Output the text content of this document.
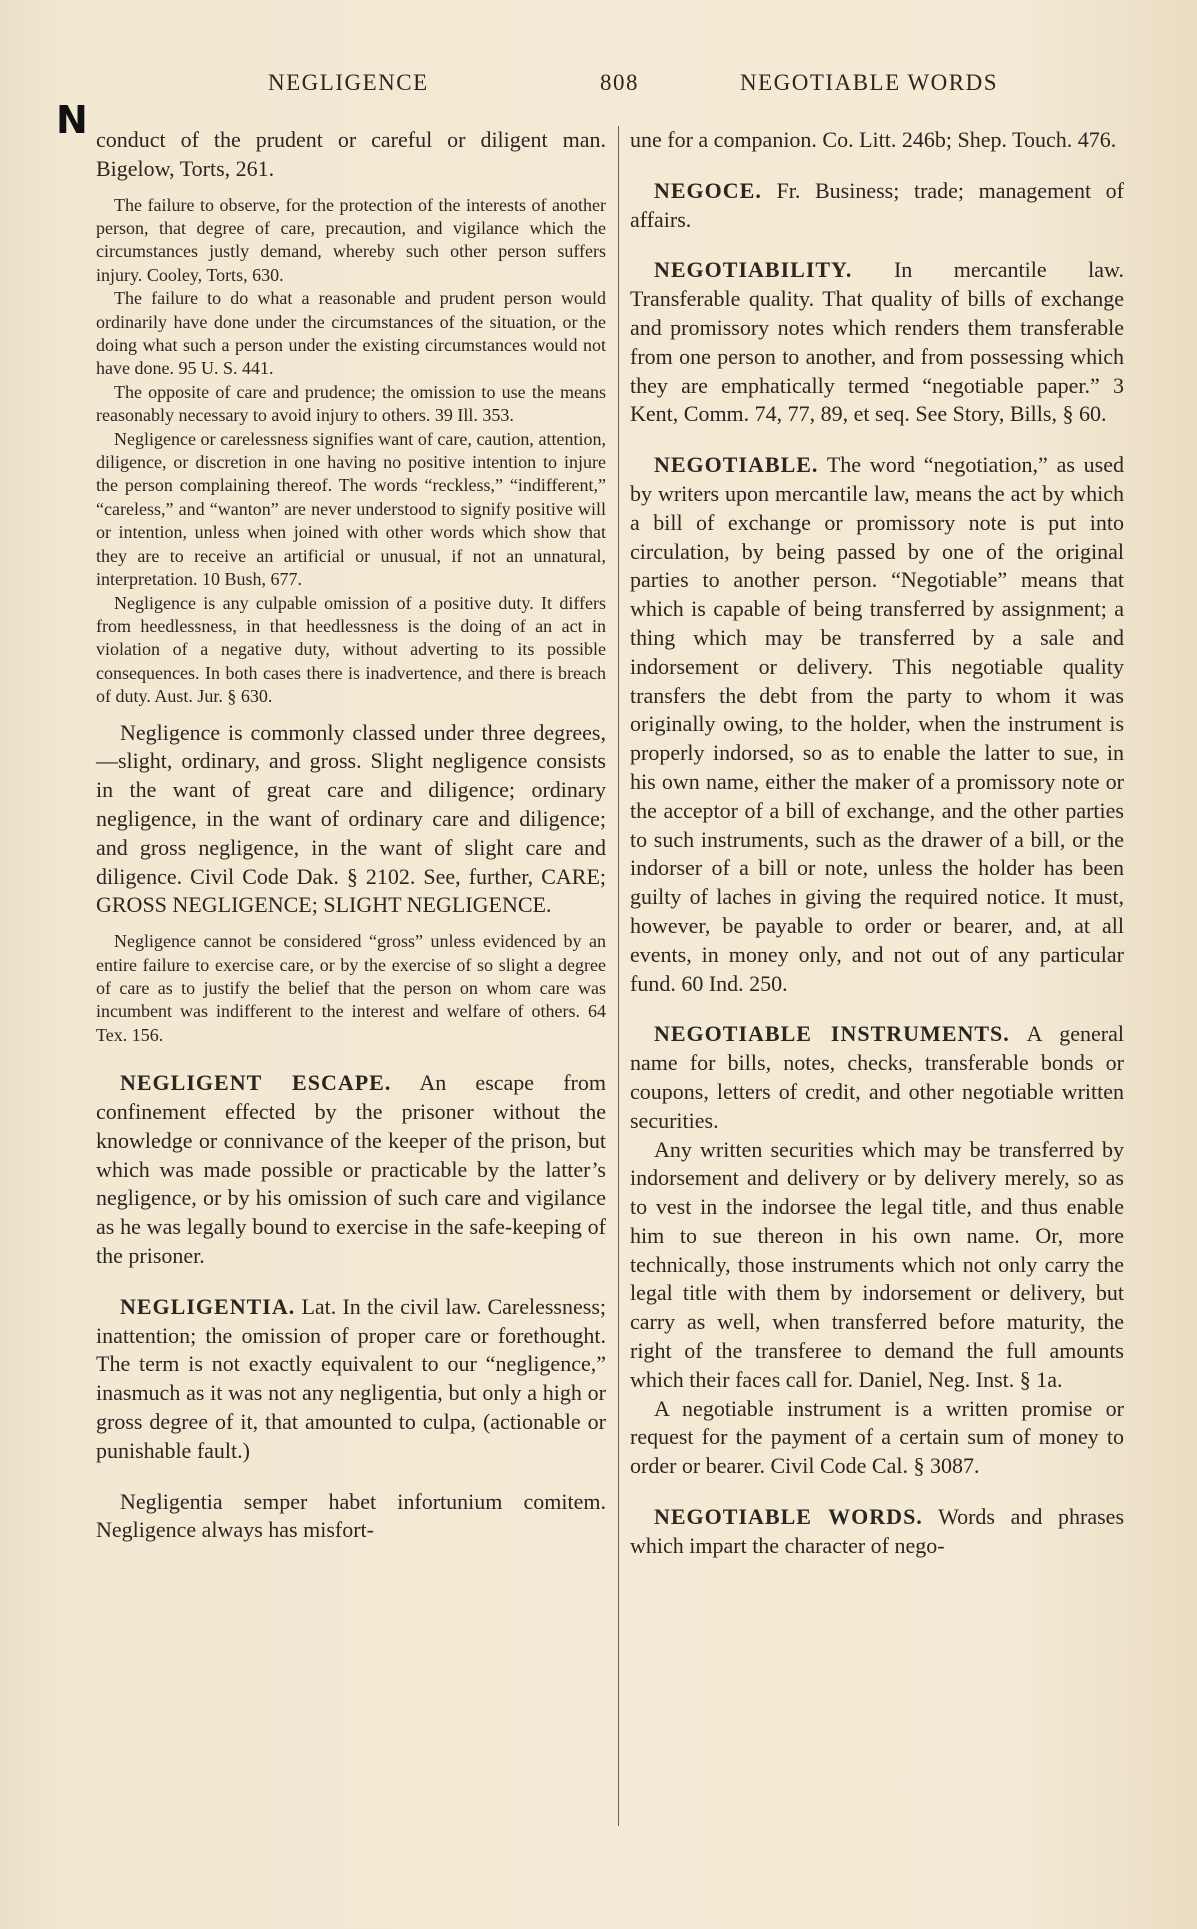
NEGLIGENCE	808	NEGOTIABLE WORDS
N conduct of the prudent or careful or diligent man. Bigelow, Torts, 261.

The failure to observe, for the protection of the interests of another person, that degree of care, precaution, and vigilance which the circumstances justly demand, whereby such other person suffers injury. Cooley, Torts, 630.

The failure to do what a reasonable and prudent person would ordinarily have done under the circumstances of the situation, or the doing what such a person under the existing circumstances would not have done. 95 U. S. 441.

The opposite of care and prudence; the omission to use the means reasonably necessary to avoid injury to others. 39 Ill. 353.

Negligence or carelessness signifies want of care, caution, attention, diligence, or discretion in one having no positive intention to injure the person complaining thereof. The words “reckless,” “indifferent,” “careless,” and “wanton” are never understood to signify positive will or intention, unless when joined with other words which show that they are to receive an artificial or unusual, if not an unnatural, interpretation. 10 Bush, 677.

Negligence is any culpable omission of a positive duty. It differs from heedlessness, in that heedlessness is the doing of an act in violation of a negative duty, without adverting to its possible consequences. In both cases there is inadvertence, and there is breach of duty. Aust. Jur. § 630.

Negligence is commonly classed under three degrees,—slight, ordinary, and gross. Slight negligence consists in the want of great care and diligence; ordinary negligence, in the want of ordinary care and diligence; and gross negligence, in the want of slight care and diligence. Civil Code Dak. § 2102. See, further, CARE; GROSS NEGLIGENCE; SLIGHT NEGLIGENCE.

Negligence cannot be considered “gross” unless evidenced by an entire failure to exercise care, or by the exercise of so slight a degree of care as to justify the belief that the person on whom care was incumbent was indifferent to the interest and welfare of others. 64 Tex. 156.

NEGLIGENT ESCAPE. An escape from confinement effected by the prisoner without the knowledge or connivance of the keeper of the prison, but which was made possible or practicable by the latter’s negligence, or by his omission of such care and vigilance as he was legally bound to exercise in the safe-keeping of the prisoner.

NEGLIGENTIA. Lat. In the civil law. Carelessness; inattention; the omission of proper care or forethought. The term is not exactly equivalent to our “negligence,” inasmuch as it was not any negligentia, but only a high or gross degree of it, that amounted to culpa, (actionable or punishable fault.)

Negligentia semper habet infortunium comitem. Negligence always has misfort-

une for a companion. Co. Litt. 246b; Shep. Touch. 476.

NEGOCE. Fr. Business; trade; management of affairs.

NEGOTIABILITY. In mercantile law. Transferable quality. That quality of bills of exchange and promissory notes which renders them transferable from one person to another, and from possessing which they are emphatically termed “negotiable paper.” 3 Kent, Comm. 74, 77, 89, et seq. See Story, Bills, § 60.

NEGOTIABLE. The word “negotiation,” as used by writers upon mercantile law, means the act by which a bill of exchange or promissory note is put into circulation, by being passed by one of the original parties to another person. “Negotiable” means that which is capable of being transferred by assignment; a thing which may be transferred by a sale and indorsement or delivery. This negotiable quality transfers the debt from the party to whom it was originally owing, to the holder, when the instrument is properly indorsed, so as to enable the latter to sue, in his own name, either the maker of a promissory note or the acceptor of a bill of exchange, and the other parties to such instruments, such as the drawer of a bill, or the indorser of a bill or note, unless the holder has been guilty of laches in giving the required notice. It must, however, be payable to order or bearer, and, at all events, in money only, and not out of any particular fund. 60 Ind. 250.

NEGOTIABLE INSTRUMENTS. A general name for bills, notes, checks, transferable bonds or coupons, letters of credit, and other negotiable written securities.

Any written securities which may be transferred by indorsement and delivery or by delivery merely, so as to vest in the indorsee the legal title, and thus enable him to sue thereon in his own name. Or, more technically, those instruments which not only carry the legal title with them by indorsement or delivery, but carry as well, when transferred before maturity, the right of the transferee to demand the full amounts which their faces call for. Daniel, Neg. Inst. § 1a.

A negotiable instrument is a written promise or request for the payment of a certain sum of money to order or bearer. Civil Code Cal. § 3087.

NEGOTIABLE WORDS. Words and phrases which impart the character of nego-
